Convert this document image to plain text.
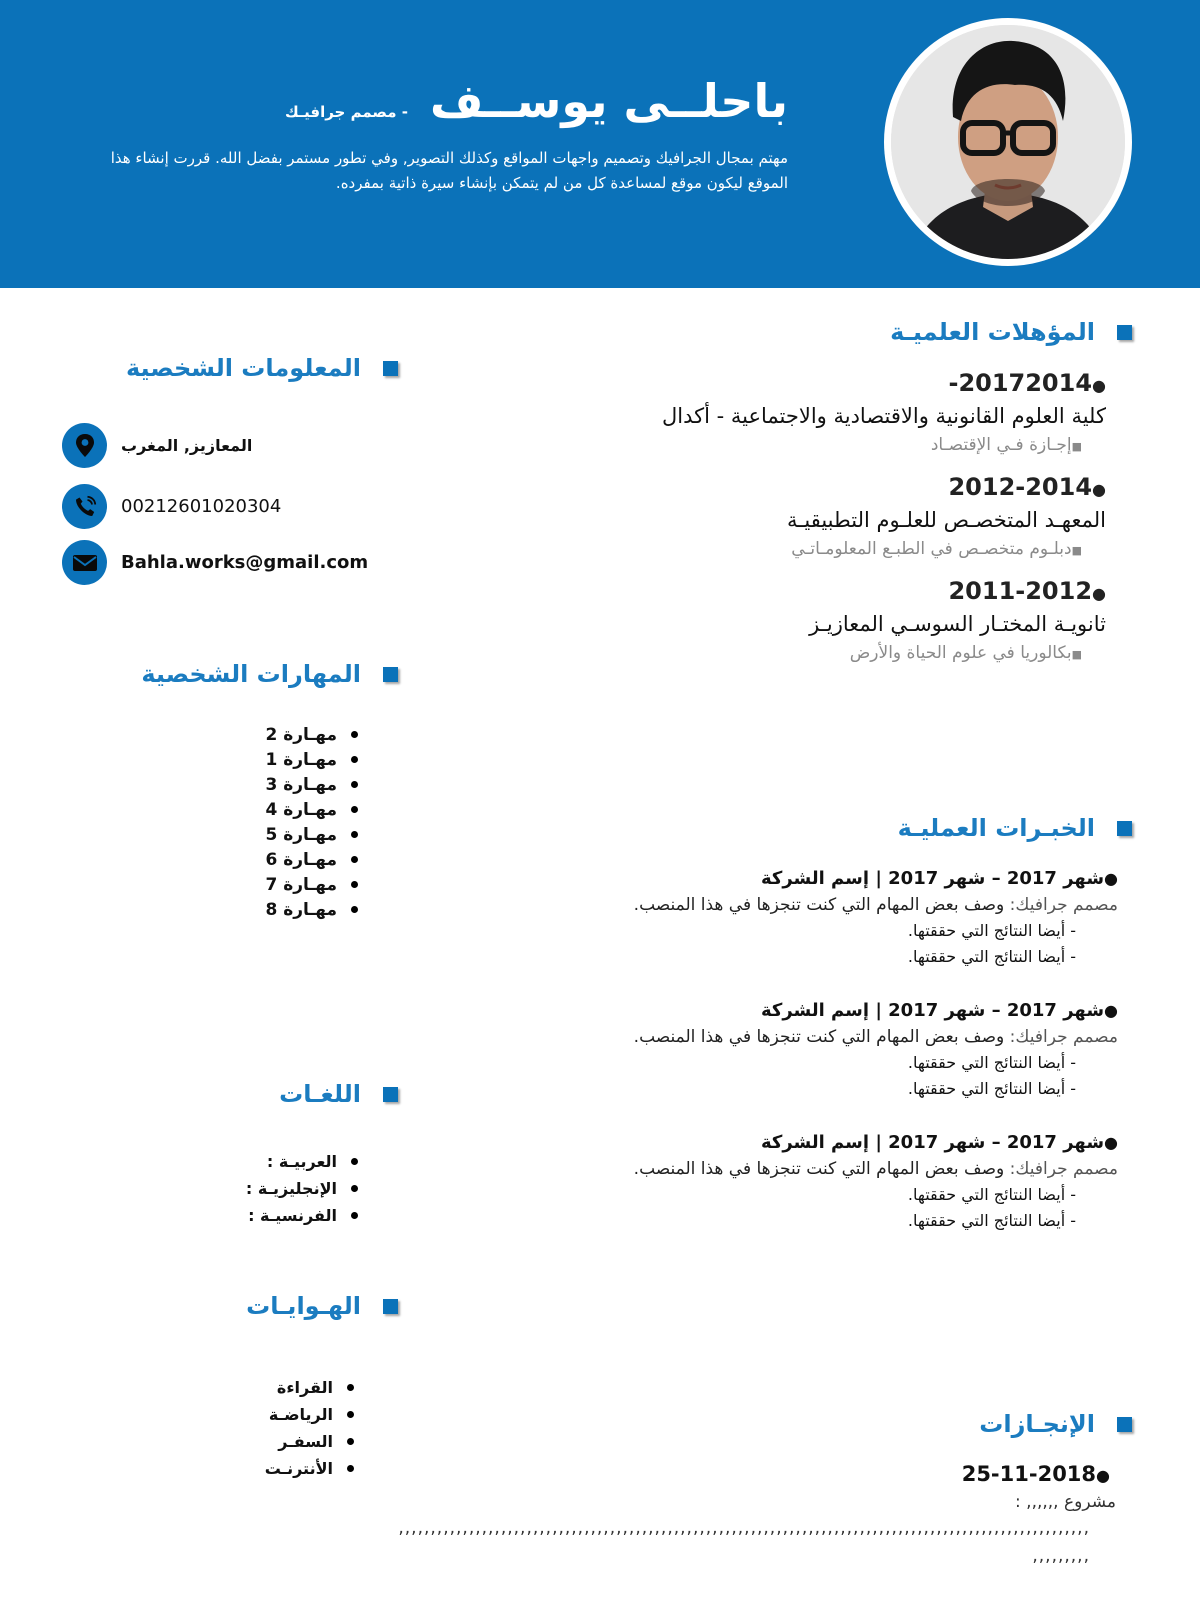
باحلــى يوســف
- مصمم جرافيـك
مهتم بمجال الجرافيك وتصميم واجهات المواقع وكذلك التصوير, وفي تطور مستمر بفضل الله. قررت إنشاء هذا الموقع ليكون موقع لمساعدة كل من لم يتمكن بإنشاء سيرة ذاتية بمفرده.
المؤهلات العلميـة
●20172014-
كلية العلوم القانونية والاقتصادية والاجتماعية - أكدال
■إجـازة فـي الإقتصـاد
●2012-2014
المعهـد المتخصـص للعلـوم التطبيقيـة
■دبلـوم متخصـص في الطبـع المعلومـاتـي
●2011-2012
ثانويـة المختـار السوسـي المعازيـز
■بكالوريا في علوم الحياة والأرض
الخبـرات العمليـة
●شهر 2017 – شهر 2017 | إسم الشركة
مصمم جرافيك: وصف بعض المهام التي كنت تنجزها في هذا المنصب.
- أيضا النتائج التي حققتها.
- أيضا النتائج التي حققتها.
●شهر 2017 – شهر 2017 | إسم الشركة
مصمم جرافيك: وصف بعض المهام التي كنت تنجزها في هذا المنصب.
- أيضا النتائج التي حققتها.
- أيضا النتائج التي حققتها.
●شهر 2017 – شهر 2017 | إسم الشركة
مصمم جرافيك: وصف بعض المهام التي كنت تنجزها في هذا المنصب.
- أيضا النتائج التي حققتها.
- أيضا النتائج التي حققتها.
الإنجـازات
●25-11-2018
مشروع ,,,,,, :
,,,,,,,,,,,,,,,,,,,,,,,,,,,,,,,,,,,,,,,,,,,,,,,,,,,,,,,,,,,,,,,,,,,,,,,,,,,,,,,,,,,,,,,,,,,,,,,,,,,,,,,,,,,,
,,,,,,,,,
المعلومات الشخصية
المعازيز, المغرب
00212601020304
Bahla.works@gmail.com
المهارات الشخصية
مهـارة 2
مهـارة 1
مهـارة 3
مهـارة 4
مهـارة 5
مهـارة 6
مهـارة 7
مهـارة 8
اللغـات
العربيـة :
الإنجليزيـة :
الفرنسيـة :
الهـوايـات
القراءة
الرياضـة
السفـر
الأنترنـت
